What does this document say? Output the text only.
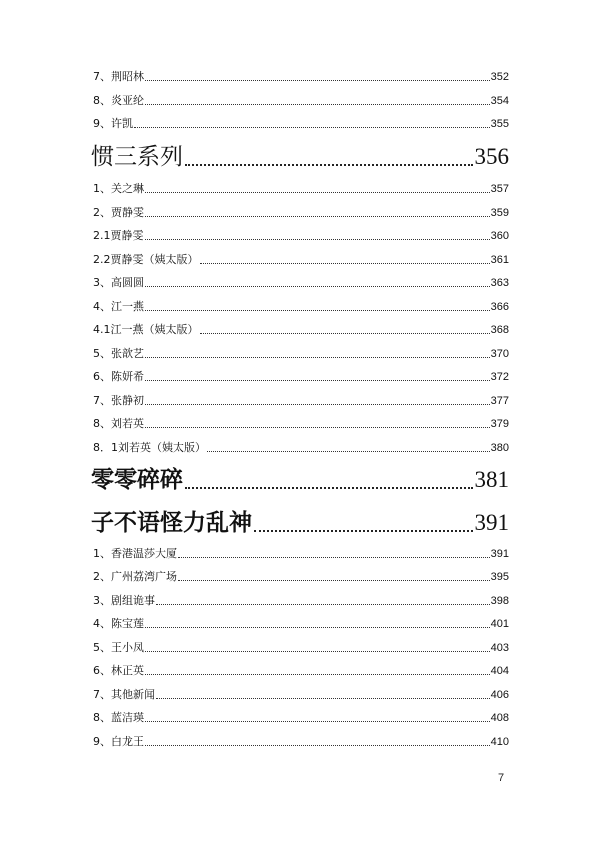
7、荆昭林	352
8、炎亚纶	354
9、许凯	355
惯三系列	356
1、关之琳	357
2、贾静雯	359
2.1贾静雯	360
2.2贾静雯（姨太版）	361
3、高圆圆	363
4、江一燕	366
4.1江一燕（姨太版）	368
5、张歆艺	370
6、陈妍希	372
7、张静初	377
8、刘若英	379
8．1刘若英（姨太版）	380
零零碎碎	381
子不语怪力乱神	391
1、香港温莎大厦	391
2、广州荔湾广场	395
3、剧组诡事	398
4、陈宝莲	401
5、王小凤	403
6、林正英	404
7、其他新闻	406
8、蓝洁瑛	408
9、白龙王	410
7
